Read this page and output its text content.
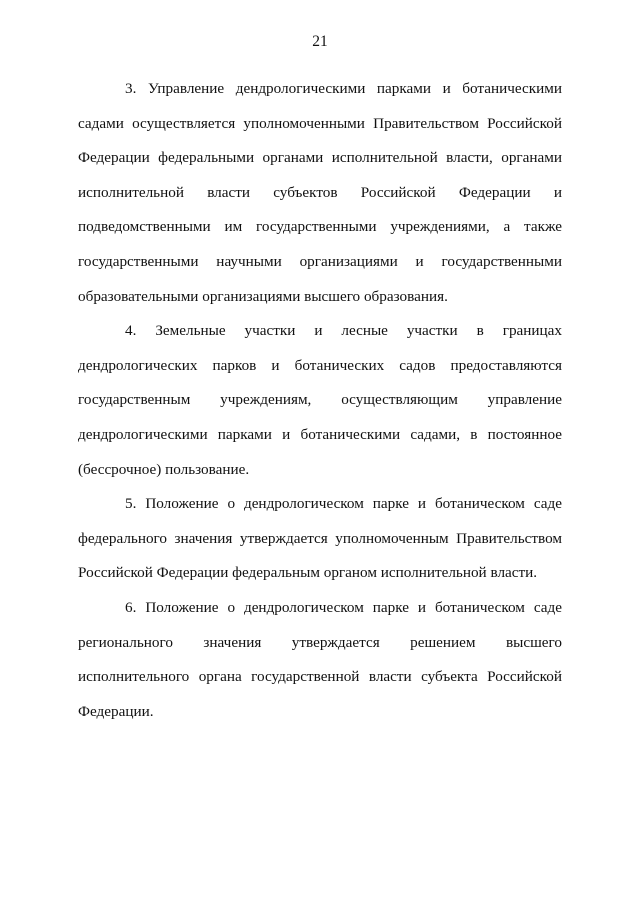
21

3. Управление дендрологическими парками и ботаническими садами осуществляется уполномоченными Правительством Российской Федерации федеральными органами исполнительной власти, органами исполнительной власти субъектов Российской Федерации и подведомственными им государственными учреждениями, а также государственными научными организациями и государственными образовательными организациями высшего образования.

4. Земельные участки и лесные участки в границах дендрологических парков и ботанических садов предоставляются государственным учреждениям, осуществляющим управление дендрологическими парками и ботаническими садами, в постоянное (бессрочное) пользование.

5. Положение о дендрологическом парке и ботаническом саде федерального значения утверждается уполномоченным Правительством Российской Федерации федеральным органом исполнительной власти.

6. Положение о дендрологическом парке и ботаническом саде регионального значения утверждается решением высшего исполнительного органа государственной власти субъекта Российской Федерации.
